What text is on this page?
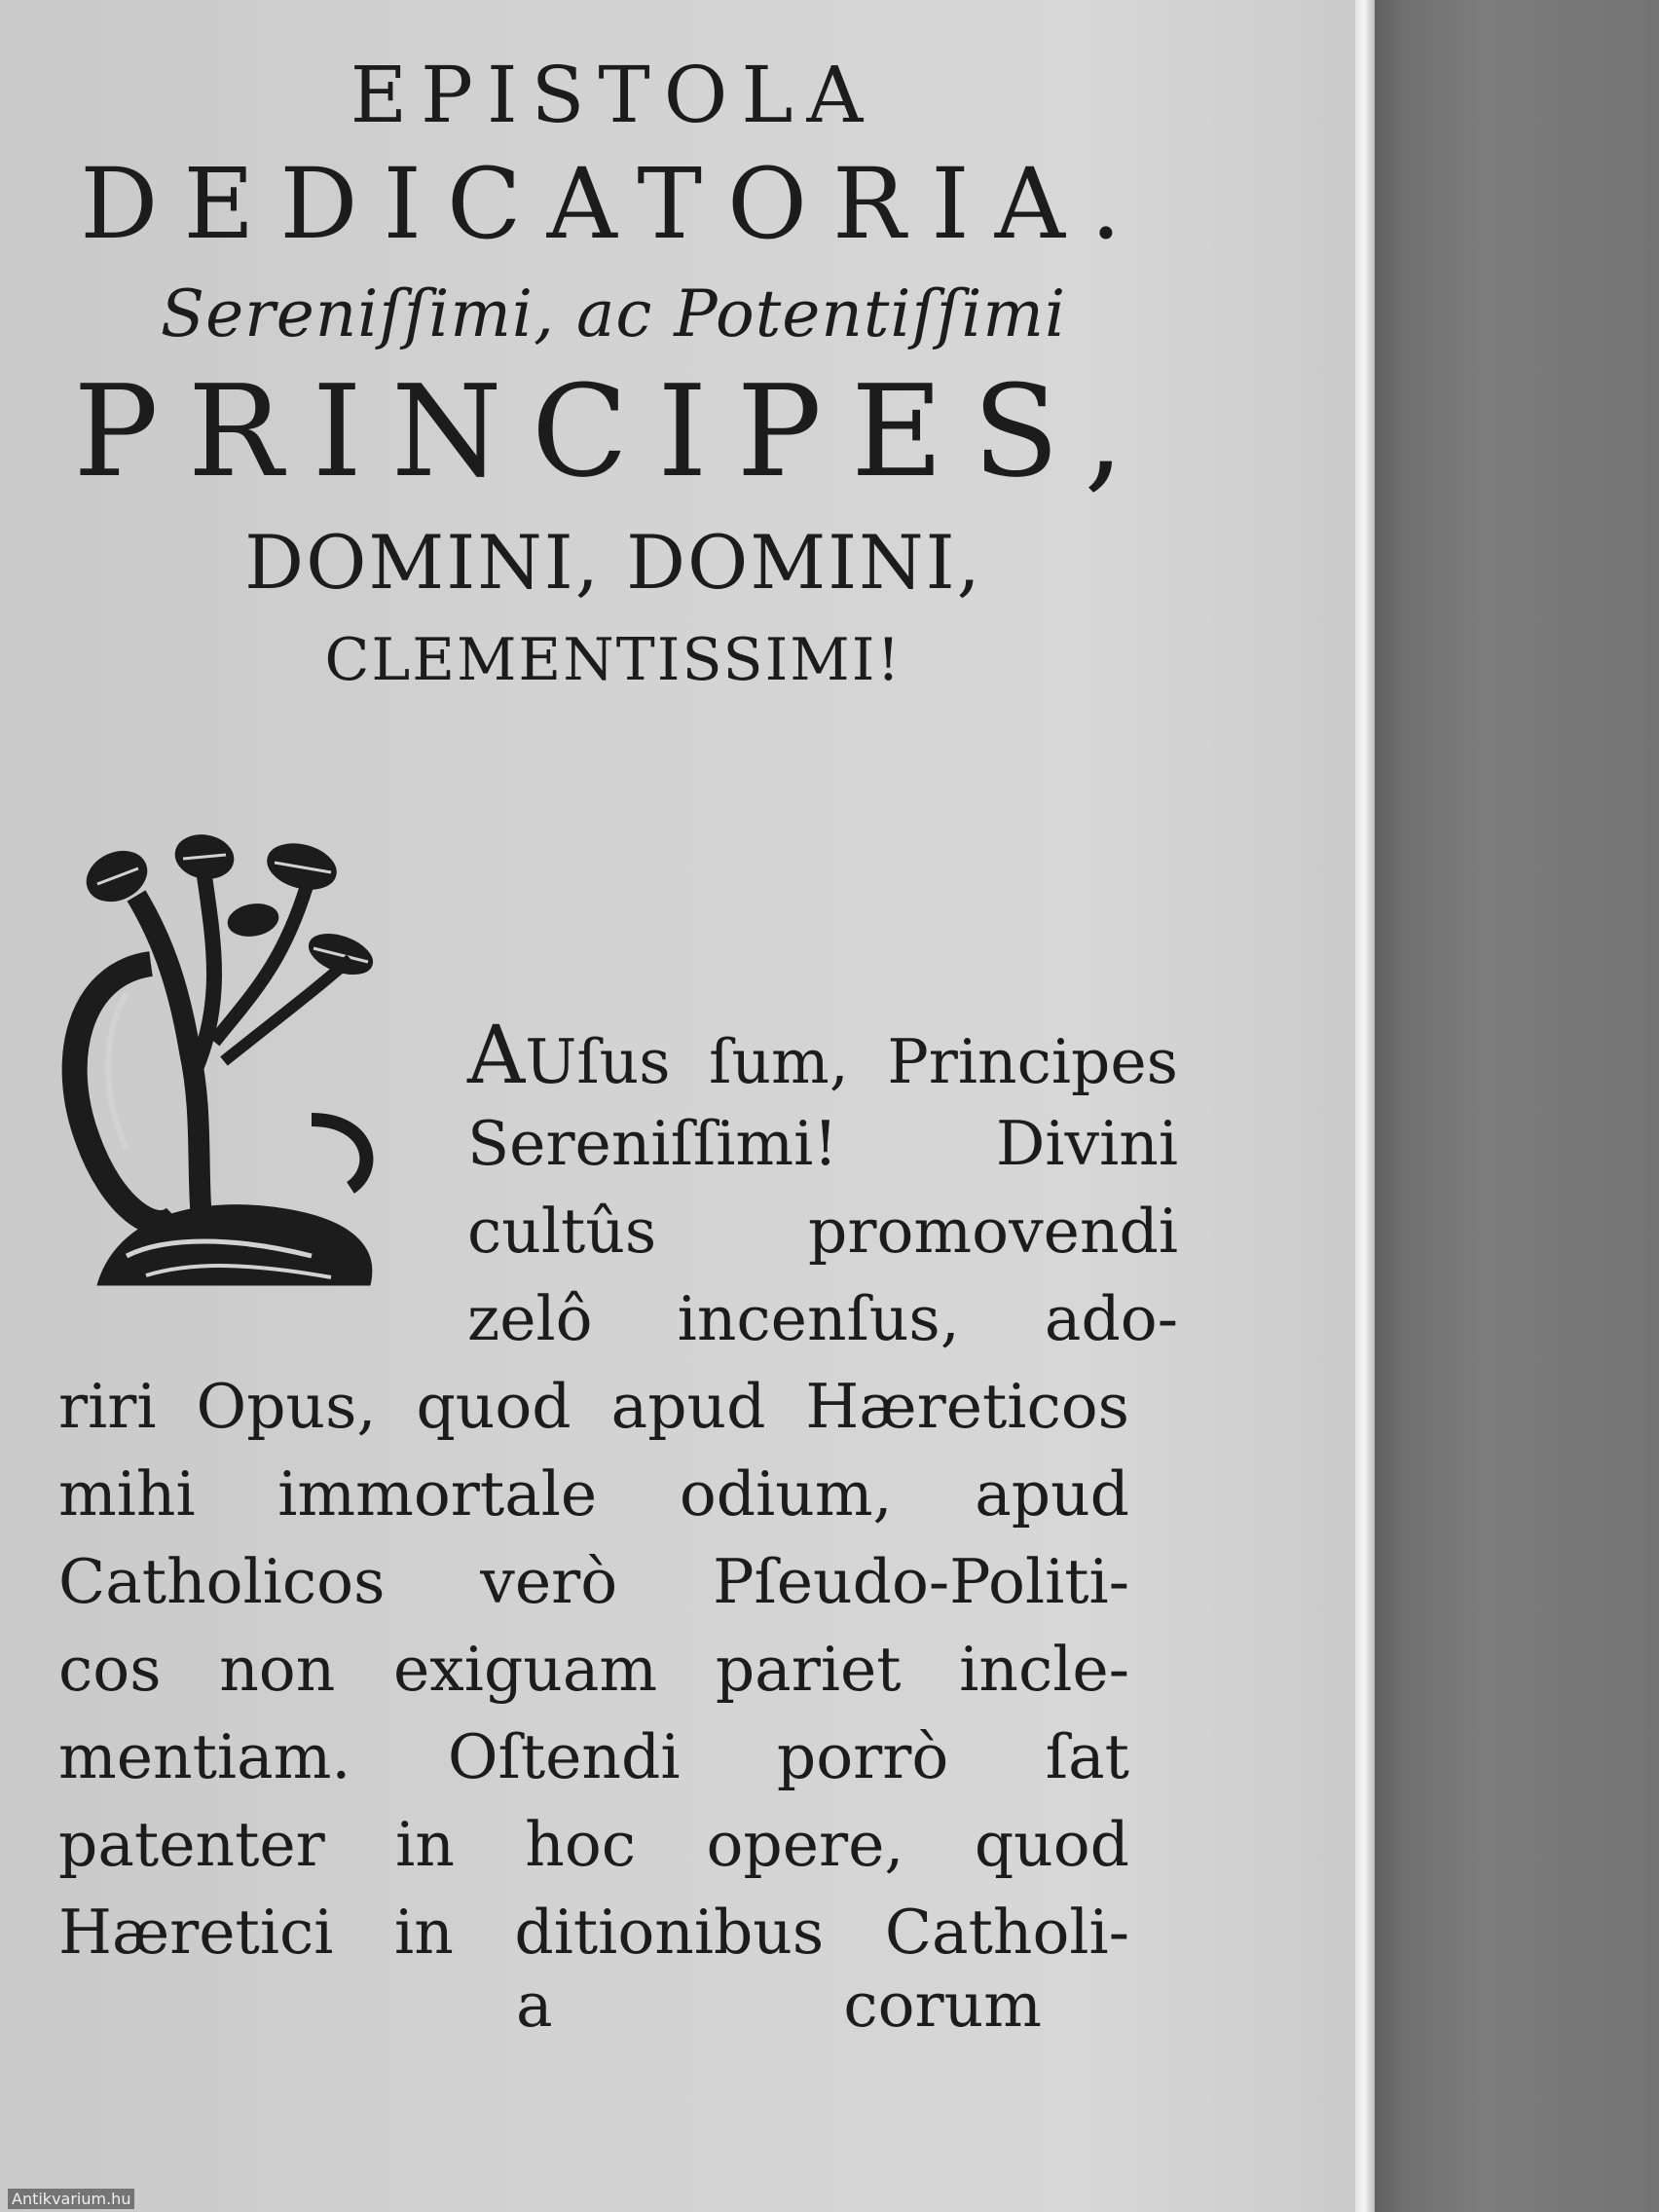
EPISTOLA
DEDICATORIA.
Sereniſſimi, ac Potentiſſimi
PRINCIPES,
DOMINI, DOMINI,
CLEMENTISSIMI!
AUſus ſum, Principes
Sereniſſimi! Divini
cultûs promovendi
zelô incenſus, ado-
riri Opus, quod apud Hæreticos
mihi immortale odium, apud
Catholicos verò Pſeudo-Politi-
cos non exiguam pariet incle-
mentiam. Oſtendi porrò ſat
patenter in hoc opere, quod
Hæretici in ditionibus Catholi-
a	corum
Antikvarium.hu
